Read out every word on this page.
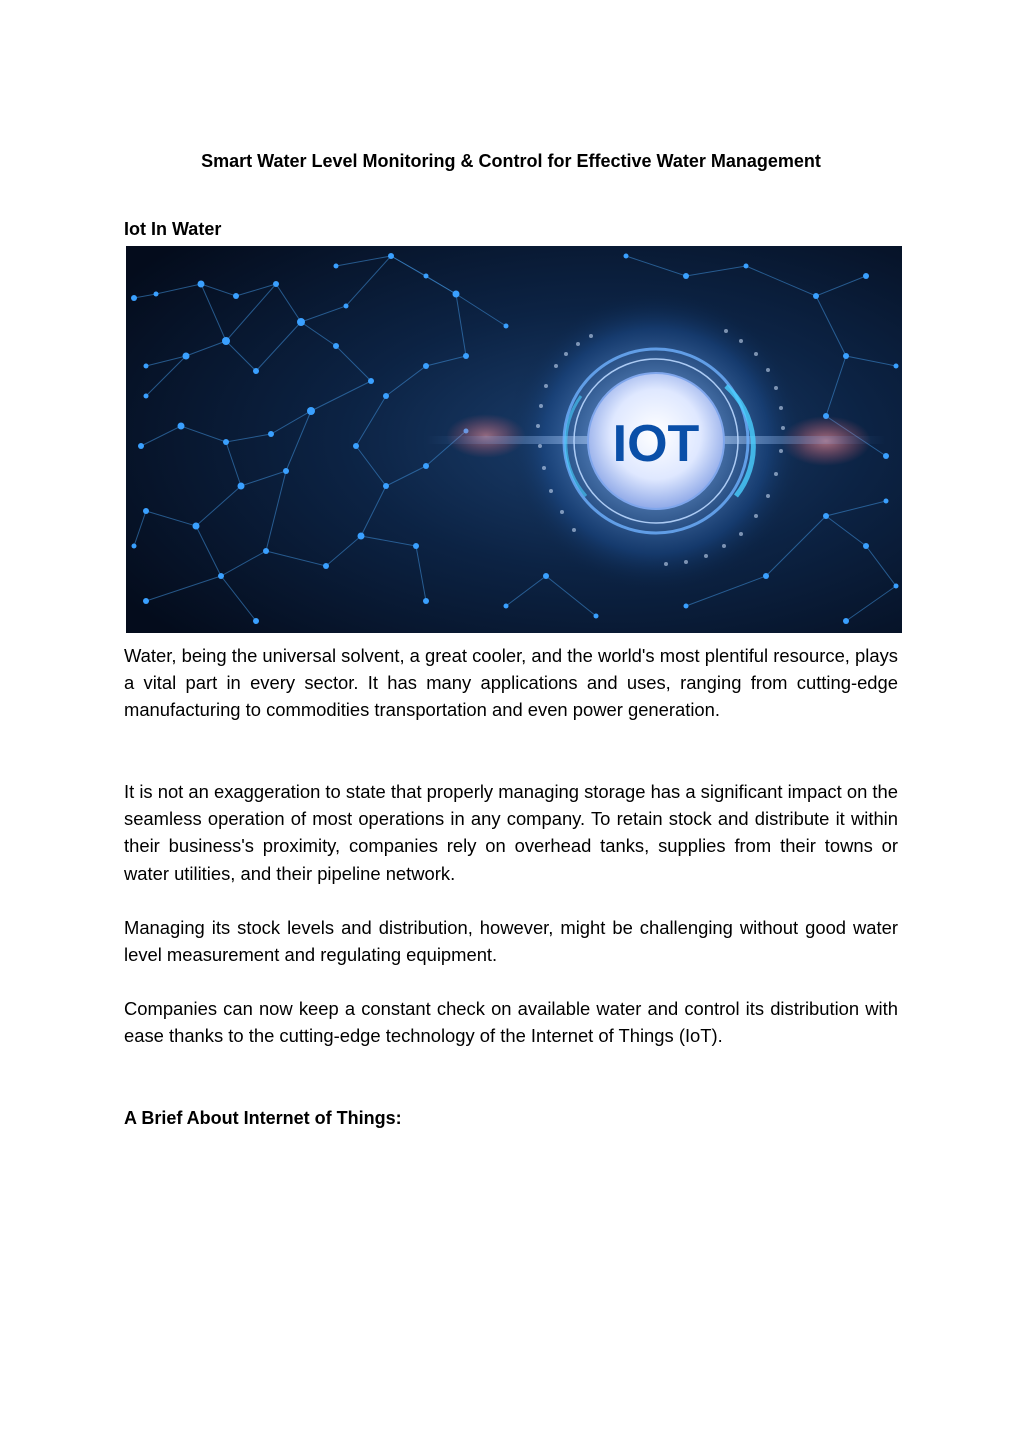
Smart Water Level Monitoring & Control for Effective Water Management
Iot In Water
IOT

Water, being the universal solvent, a great cooler, and the world's most plentiful resource, plays a vital part in every sector. It has many applications and uses, ranging from cutting-edge manufacturing to commodities transportation and even power generation.

It is not an exaggeration to state that properly managing storage has a significant impact on the seamless operation of most operations in any company. To retain stock and distribute it within their business's proximity, companies rely on overhead tanks, supplies from their towns or water utilities, and their pipeline network.

Managing its stock levels and distribution, however, might be challenging without good water level measurement and regulating equipment.

Companies can now keep a constant check on available water and control its distribution with ease thanks to the cutting-edge technology of the Internet of Things (IoT).

A Brief About Internet of Things:
